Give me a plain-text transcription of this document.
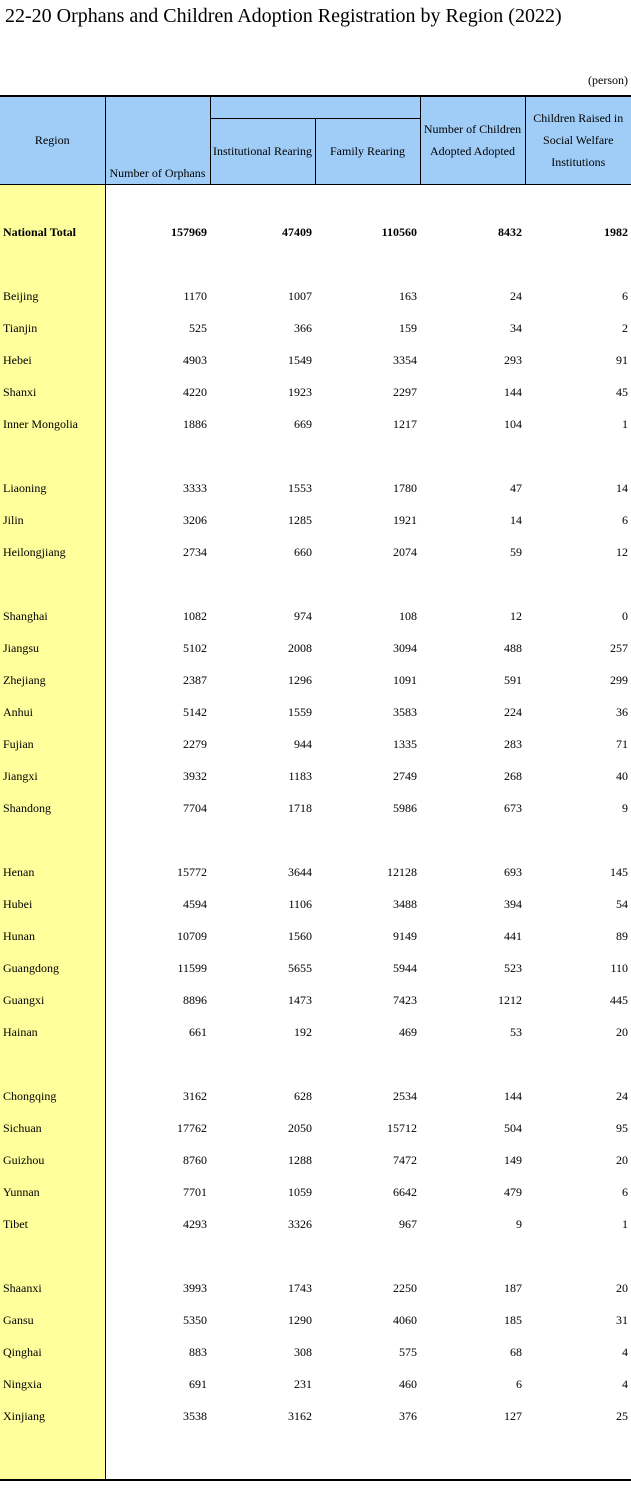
22-20 Orphans and Children Adoption Registration by Region (2022)
(person)
Region	Number of Orphans			Number of Children Adopted Adopted	Children Raised in Social Welfare Institutions
		Institutional Rearing	Family Rearing		

National Total	157969	47409	110560	8432	1982

Beijing	1170	1007	163	24	6
Tianjin	525	366	159	34	2
Hebei	4903	1549	3354	293	91
Shanxi	4220	1923	2297	144	45
Inner Mongolia	1886	669	1217	104	1

Liaoning	3333	1553	1780	47	14
Jilin	3206	1285	1921	14	6
Heilongjiang	2734	660	2074	59	12

Shanghai	1082	974	108	12	0
Jiangsu	5102	2008	3094	488	257
Zhejiang	2387	1296	1091	591	299
Anhui	5142	1559	3583	224	36
Fujian	2279	944	1335	283	71
Jiangxi	3932	1183	2749	268	40
Shandong	7704	1718	5986	673	9

Henan	15772	3644	12128	693	145
Hubei	4594	1106	3488	394	54
Hunan	10709	1560	9149	441	89
Guangdong	11599	5655	5944	523	110
Guangxi	8896	1473	7423	1212	445
Hainan	661	192	469	53	20

Chongqing	3162	628	2534	144	24
Sichuan	17762	2050	15712	504	95
Guizhou	8760	1288	7472	149	20
Yunnan	7701	1059	6642	479	6
Tibet	4293	3326	967	9	1

Shaanxi	3993	1743	2250	187	20
Gansu	5350	1290	4060	185	31
Qinghai	883	308	575	68	4
Ningxia	691	231	460	6	4
Xinjiang	3538	3162	376	127	25
